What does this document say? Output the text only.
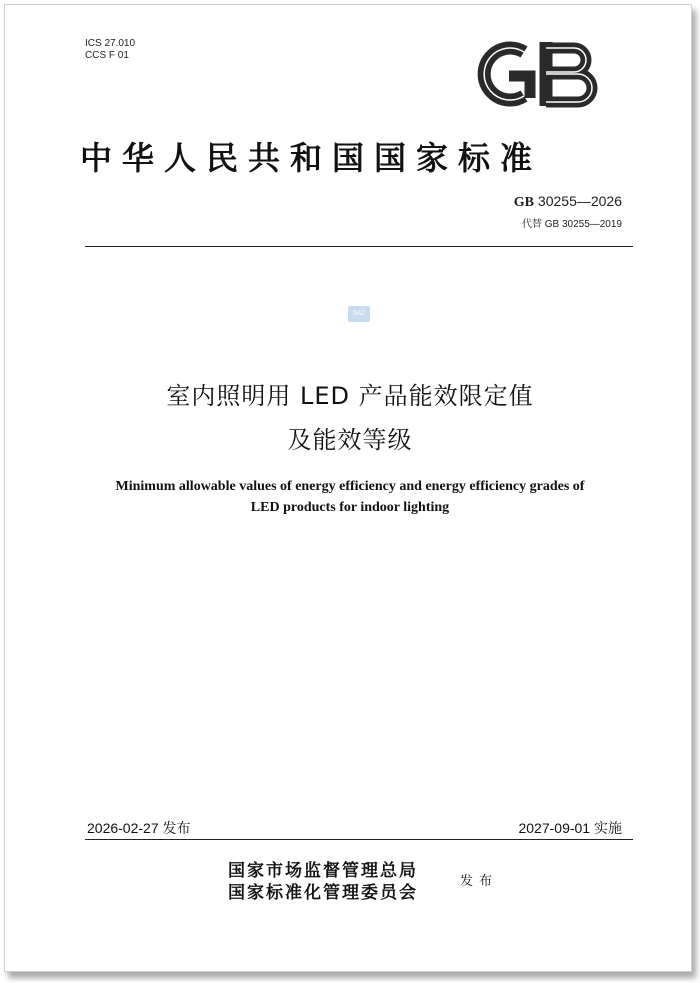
ICS 27.010
CCS F 01
中华人民共和国国家标准
GB 30255—2026
代替 GB 30255—2019
SAC
室内照明用 LED 产品能效限定值
及能效等级
Minimum allowable values of energy efficiency and energy efficiency grades of
LED products for indoor lighting
2026-02-27 发布	2027-09-01 实施
国家市场监督管理总局
国家标准化管理委员会
发布
